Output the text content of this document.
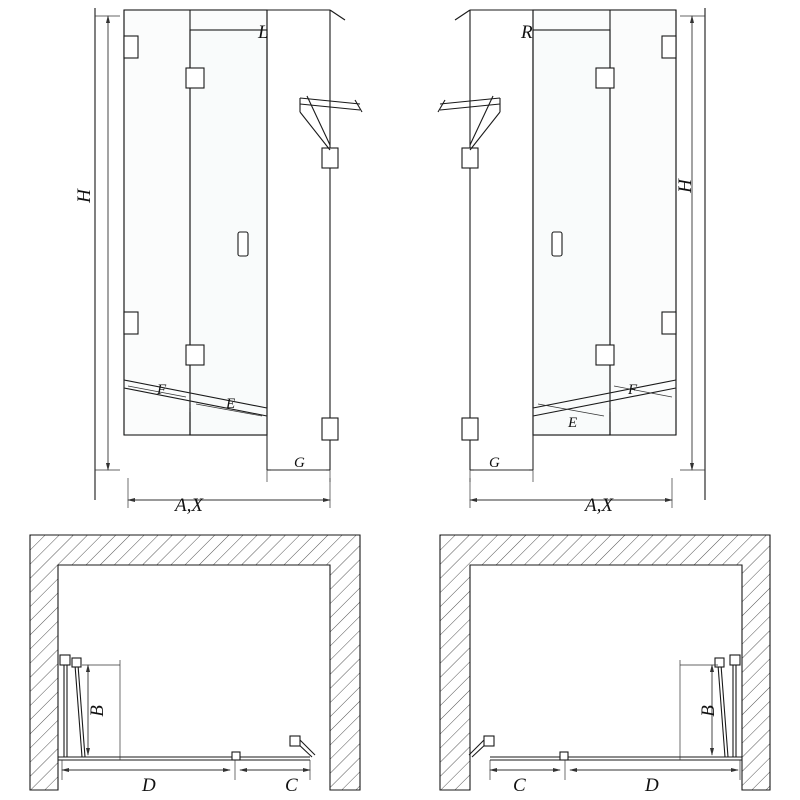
L	R
H
H
F
E
G
F
E
G
A,X	A,X
B
D	C
B
C	D
